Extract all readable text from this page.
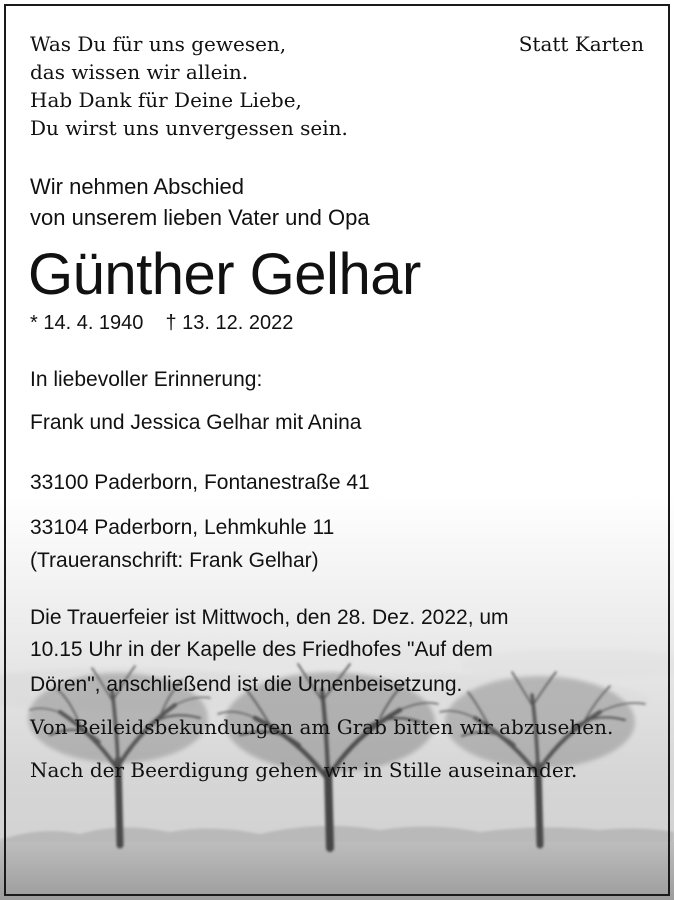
Was Du für uns gewesen,
das wissen wir allein.
Hab Dank für Deine Liebe,
Du wirst uns unvergessen sein.
Statt Karten
Wir nehmen Abschied
von unserem lieben Vater und Opa
Günther Gelhar
* 14. 4. 1940 † 13. 12. 2022
In liebevoller Erinnerung:
Frank und Jessica Gelhar mit Anina
33100 Paderborn, Fontanestraße 41
33104 Paderborn, Lehmkuhle 11
(Traueranschrift: Frank Gelhar)
Die Trauerfeier ist Mittwoch, den 28. Dez. 2022, um
10.15 Uhr in der Kapelle des Friedhofes "Auf dem
Dören", anschließend ist die Urnenbeisetzung.
Von Beileidsbekundungen am Grab bitten wir abzusehen.
Nach der Beerdigung gehen wir in Stille auseinander.
